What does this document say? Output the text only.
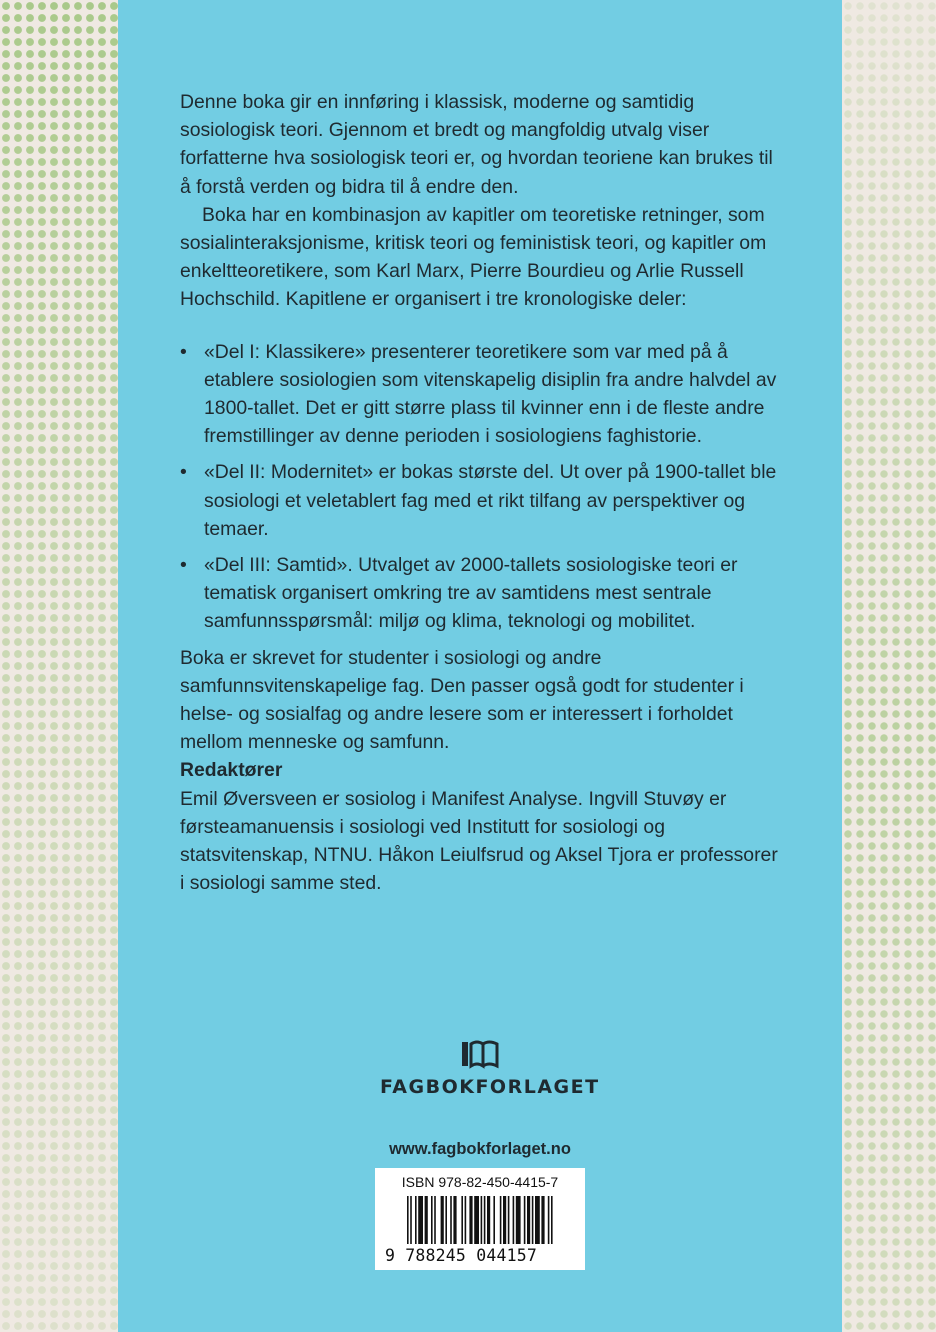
Denne boka gir en innføring i klassisk, moderne og samtidig sosiologisk teori. Gjennom et bredt og mangfoldig utvalg viser forfatterne hva sosiologisk teori er, og hvordan teoriene kan brukes til å forstå verden og bidra til å endre den.

Boka har en kombinasjon av kapitler om teoretiske retninger, som sosialinteraksjonisme, kritisk teori og feministisk teori, og kapitler om enkeltteoretikere, som Karl Marx, Pierre Bourdieu og Arlie Russell Hochschild. Kapitlene er organisert i tre kronologiske deler:

• «Del I: Klassikere» presenterer teoretikere som var med på å etablere sosiologien som vitenskapelig disiplin fra andre halvdel av 1800-tallet. Det er gitt større plass til kvinner enn i de fleste andre fremstillinger av denne perioden i sosiologiens faghistorie.
• «Del II: Modernitet» er bokas største del. Ut over på 1900-tallet ble sosiologi et veletablert fag med et rikt tilfang av perspektiver og temaer.
• «Del III: Samtid». Utvalget av 2000-tallets sosiologiske teori er tematisk organisert omkring tre av samtidens mest sentrale samfunnsspørsmål: miljø og klima, teknologi og mobilitet.

Boka er skrevet for studenter i sosiologi og andre samfunnsvitenskapelige fag. Den passer også godt for studenter i helse- og sosialfag og andre lesere som er interessert i forholdet mellom menneske og samfunn.

Redaktører

Emil Øversveen er sosiolog i Manifest Analyse. Ingvill Stuvøy er førsteamanuensis i sosiologi ved Institutt for sosiologi og statsvitenskap, NTNU. Håkon Leiulfsrud og Aksel Tjora er professorer i sosiologi samme sted.

FAGBOKFORLAGET
www.fagbokforlaget.no
ISBN 978-82-450-4415-7
9 788245 044157
